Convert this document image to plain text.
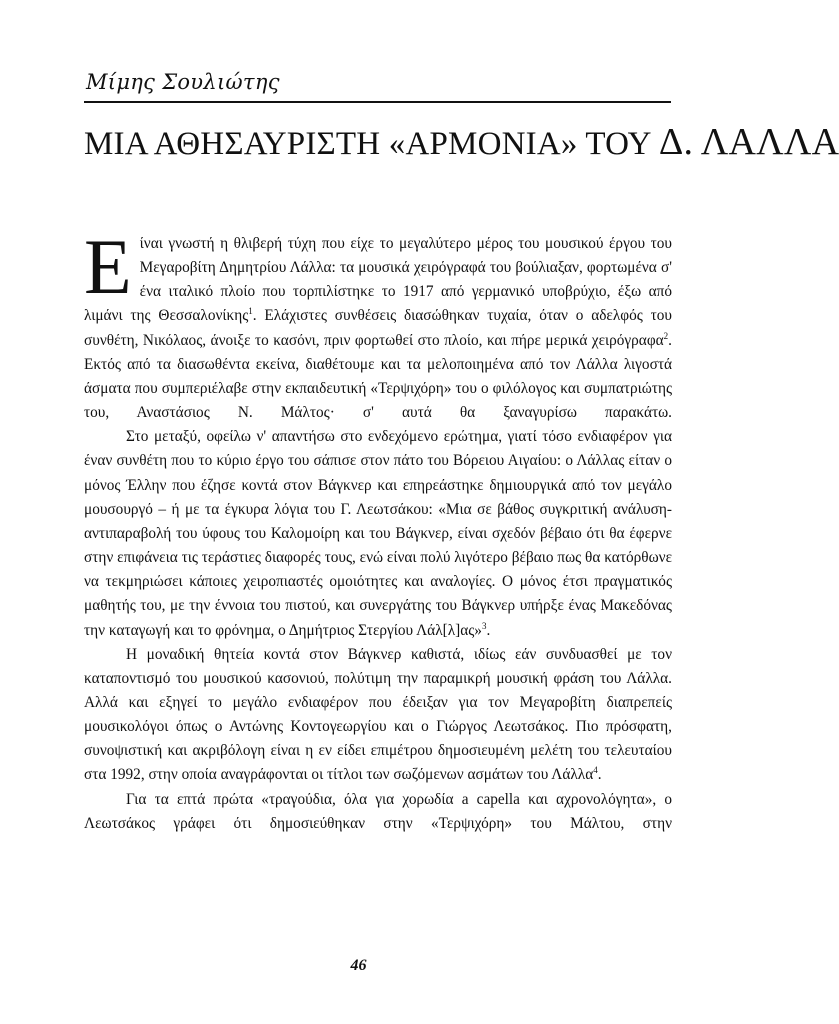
Μίμης Σουλιώτης
ΜΙΑ ΑΘΗΣΑΥΡΙΣΤΗ «ΑΡΜΟΝΙΑ» ΤΟΥ Δ. ΛΑΛΛΑ

Είναι γνωστή η θλιβερή τύχη που είχε το μεγαλύτερο μέρος του μουσικού έργου του Μεγαροβίτη Δημητρίου Λάλλα: τα μουσικά χειρόγραφά του βούλιαξαν, φορτωμένα σ' ένα ιταλικό πλοίο που τορπιλίστηκε το 1917 από γερμανικό υποβρύχιο, έξω από λιμάνι της Θεσσαλονίκης$^1$. Ελάχιστες συνθέσεις διασώθηκαν τυχαία, όταν ο αδελφός του συνθέτη, Νικόλαος, άνοιξε το κασόνι, πριν φορτωθεί στο πλοίο, και πήρε μερικά χειρόγραφα$^2$. Εκτός από τα διασωθέντα εκείνα, διαθέτουμε και τα μελοποιημένα από τον Λάλλα λιγοστά άσματα που συμπεριέλαβε στην εκπαιδευτική «Τερψιχόρη» του ο φιλόλογος και συμπατριώτης του, Αναστάσιος Ν. Μάλτος· σ' αυτά θα ξαναγυρίσω παρακάτω.

Στο μεταξύ, οφείλω ν' απαντήσω στο ενδεχόμενο ερώτημα, γιατί τόσο ενδιαφέρον για έναν συνθέτη που το κύριο έργο του σάπισε στον πάτο του Βόρειου Αιγαίου: ο Λάλλας είταν ο μόνος Έλλην που έζησε κοντά στον Βάγκνερ και επηρεάστηκε δημιουργικά από τον μεγάλο μουσουργό – ή με τα έγκυρα λόγια του Γ. Λεωτσάκου: «Μια σε βάθος συγκριτική ανάλυση-αντιπαραβολή του ύφους του Καλομοίρη και του Βάγκνερ, είναι σχεδόν βέβαιο ότι θα έφερνε στην επιφάνεια τις τεράστιες διαφορές τους, ενώ είναι πολύ λιγότερο βέβαιο πως θα κατόρθωνε να τεκμηριώσει κάποιες χειροπιαστές ομοιότητες και αναλογίες. Ο μόνος έτσι πραγματικός μαθητής του, με την έννοια του πιστού, και συνεργάτης του Βάγκνερ υπήρξε ένας Μακεδόνας την καταγωγή και το φρόνημα, ο Δημήτριος Στεργίου Λάλ[λ]ας»$^3$.

Η μοναδική θητεία κοντά στον Βάγκνερ καθιστά, ιδίως εάν συνδυασθεί με τον καταποντισμό του μουσικού κασονιού, πολύτιμη την παραμικρή μουσική φράση του Λάλλα. Αλλά και εξηγεί το μεγάλο ενδιαφέρον που έδειξαν για τον Μεγαροβίτη διαπρεπείς μουσικολόγοι όπως ο Αντώνης Κοντογεωργίου και ο Γιώργος Λεωτσάκος. Πιο πρόσφατη, συνοψιστική και ακριβόλογη είναι η εν είδει επιμέτρου δημοσιευμένη μελέτη του τελευταίου στα 1992, στην οποία αναγράφονται οι τίτλοι των σωζόμενων ασμάτων του Λάλλα$^4$.

Για τα επτά πρώτα «τραγούδια, όλα για χορωδία a capella και αχρονολόγητα», ο Λεωτσάκος γράφει ότι δημοσιεύθηκαν στην «Τερψιχόρη» του Μάλτου, στην

46
